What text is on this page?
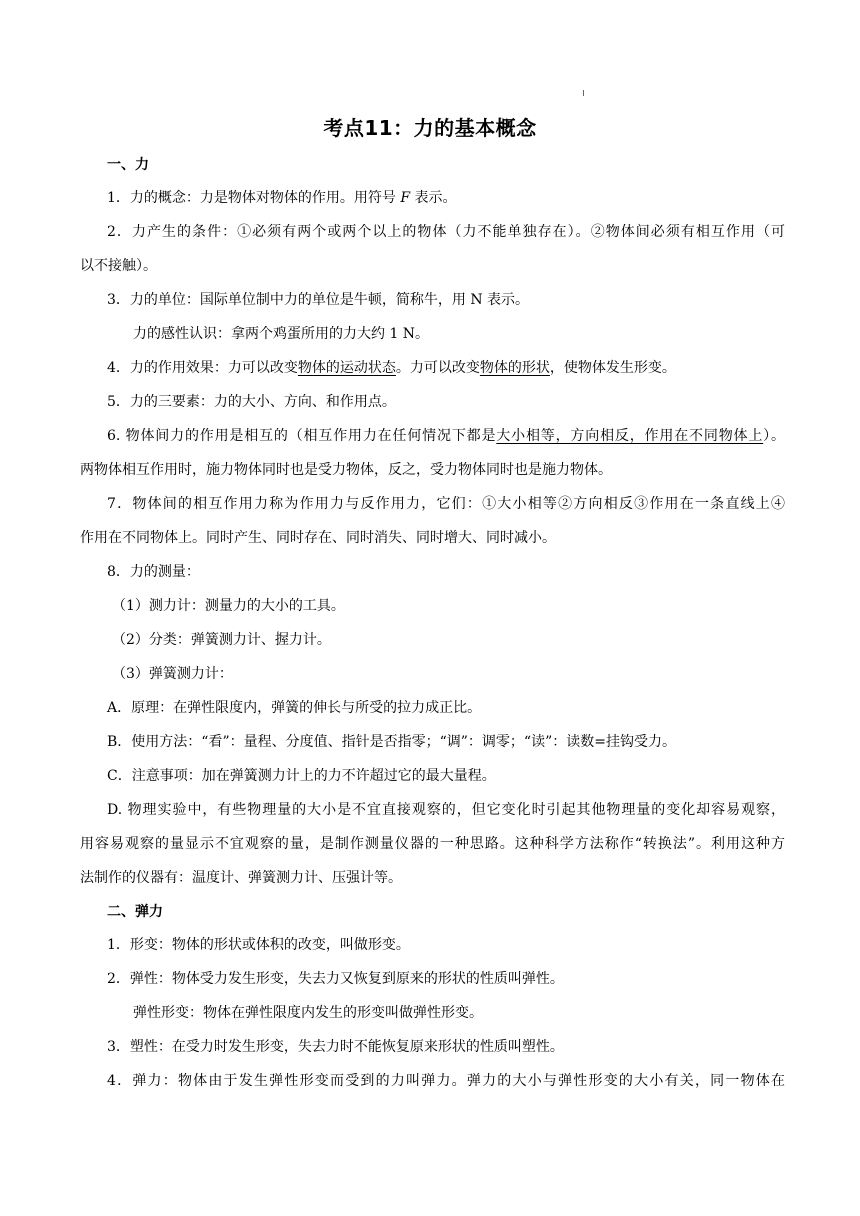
考点11：力的基本概念
一、力
1．力的概念：力是物体对物体的作用。用符号 F 表示。
2．力产生的条件：①必须有两个或两个以上的物体（力不能单独存在）。②物体间必须有相互作用（可
以不接触）。
3．力的单位：国际单位制中力的单位是牛顿，简称牛，用 N 表示。
力的感性认识：拿两个鸡蛋所用的力大约 1 N。
4．力的作用效果：力可以改变物体的运动状态。力可以改变物体的形状，使物体发生形变。
5．力的三要素：力的大小、方向、和作用点。
6. 物体间力的作用是相互的（相互作用力在任何情况下都是大小相等，方向相反，作用在不同物体上）。
两物体相互作用时，施力物体同时也是受力物体，反之，受力物体同时也是施力物体。
7．物体间的相互作用力称为作用力与反作用力，它们：①大小相等②方向相反③作用在一条直线上④
作用在不同物体上。同时产生、同时存在、同时消失、同时增大、同时减小。
8．力的测量：
（1）测力计：测量力的大小的工具。
（2）分类：弹簧测力计、握力计。
（3）弹簧测力计：
A．原理：在弹性限度内，弹簧的伸长与所受的拉力成正比。
B．使用方法：“看”：量程、分度值、指针是否指零；“调”：调零；“读”：读数=挂钩受力。
C．注意事项：加在弹簧测力计上的力不许超过它的最大量程。
D. 物理实验中，有些物理量的大小是不宜直接观察的，但它变化时引起其他物理量的变化却容易观察，
用容易观察的量显示不宜观察的量，是制作测量仪器的一种思路。这种科学方法称作“转换法”。利用这种方
法制作的仪器有：温度计、弹簧测力计、压强计等。
二、弹力
1．形变：物体的形状或体积的改变，叫做形变。
2．弹性：物体受力发生形变，失去力又恢复到原来的形状的性质叫弹性。
弹性形变：物体在弹性限度内发生的形变叫做弹性形变。
3．塑性：在受力时发生形变，失去力时不能恢复原来形状的性质叫塑性。
4．弹力：物体由于发生弹性形变而受到的力叫弹力。弹力的大小与弹性形变的大小有关，同一物体在
